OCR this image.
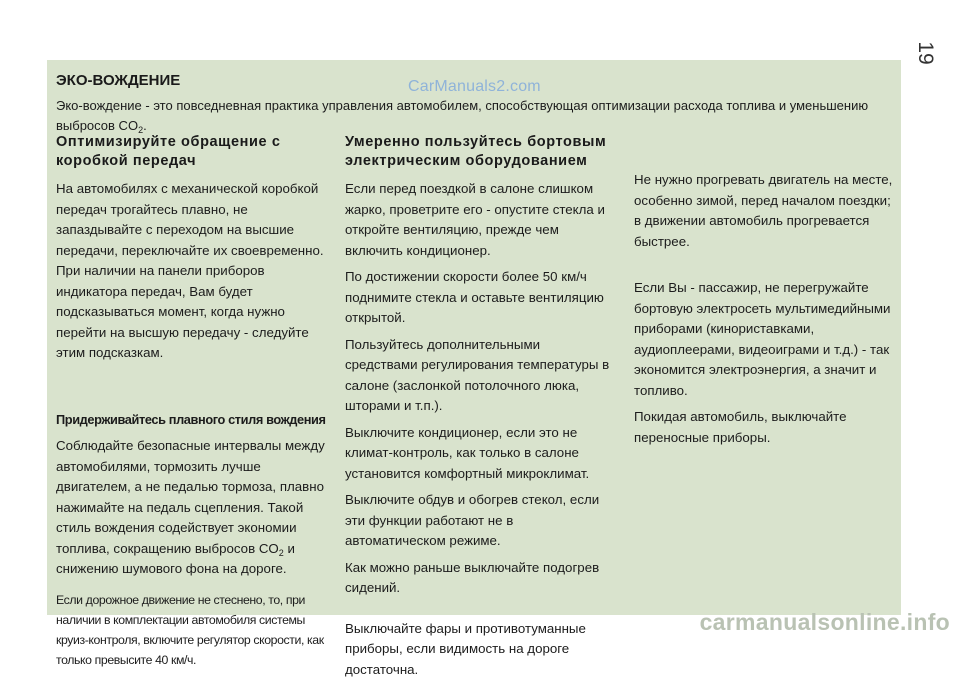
19
CarManuals2.com
carmanualsonline.info
ЭКО-ВОЖДЕНИЕ
Эко-вождение - это повседневная практика управления автомобилем, способствующая оптимизации расхода топлива и уменьшению выбросов $CO_2$.
Оптимизируйте обращение с коробкой передач
На автомобилях с механической коробкой передач трогайтесь плавно, не запаздывайте с переходом на высшие передачи, переключайте их своевременно. При наличии на панели приборов индикатора передач, Вам будет подсказываться момент, когда нужно перейти на высшую передачу - следуйте этим подсказкам.
Придерживайтесь плавного стиля вождения
Соблюдайте безопасные интервалы между автомобилями, тормозить лучше двигателем, а не педалью тормоза, плавно нажимайте на педаль сцепления. Такой стиль вождения содействует экономии топлива, сокращению выбросов $CO_2$ и снижению шумового фона на дороге.
Если дорожное движение не стеснено, то, при наличии в комплектации автомобиля системы круиз-контроля, включите регулятор скорости, как только превысите 40 км/ч.
Умеренно пользуйтесь бортовым электрическим оборудованием
Если перед поездкой в салоне слишком жарко, проветрите его - опустите стекла и откройте вентиляцию, прежде чем включить кондиционер.
По достижении скорости более 50 км/ч поднимите стекла и оставьте вентиляцию открытой.
Пользуйтесь дополнительными средствами регулирования температуры в салоне (заслонкой потолочного люка, шторами и т.п.).
Выключите кондиционер, если это не климат-контроль, как только в салоне установится комфортный микроклимат.
Выключите обдув и обогрев стекол, если эти функции работают не в автоматическом режиме.
Как можно раньше выключайте подогрев сидений.
Выключайте фары и противотуманные приборы, если видимость на дороге достаточна.
Не нужно прогревать двигатель на месте, особенно зимой, перед началом поездки; в движении автомобиль прогревается быстрее.
Если Вы - пассажир, не перегружайте бортовую электросеть мультимедийными приборами (кинориставками, аудиоплеерами, видеоиграми и т.д.) - так экономится электроэнергия, а значит и топливо.
Покидая автомобиль, выключайте переносные приборы.
